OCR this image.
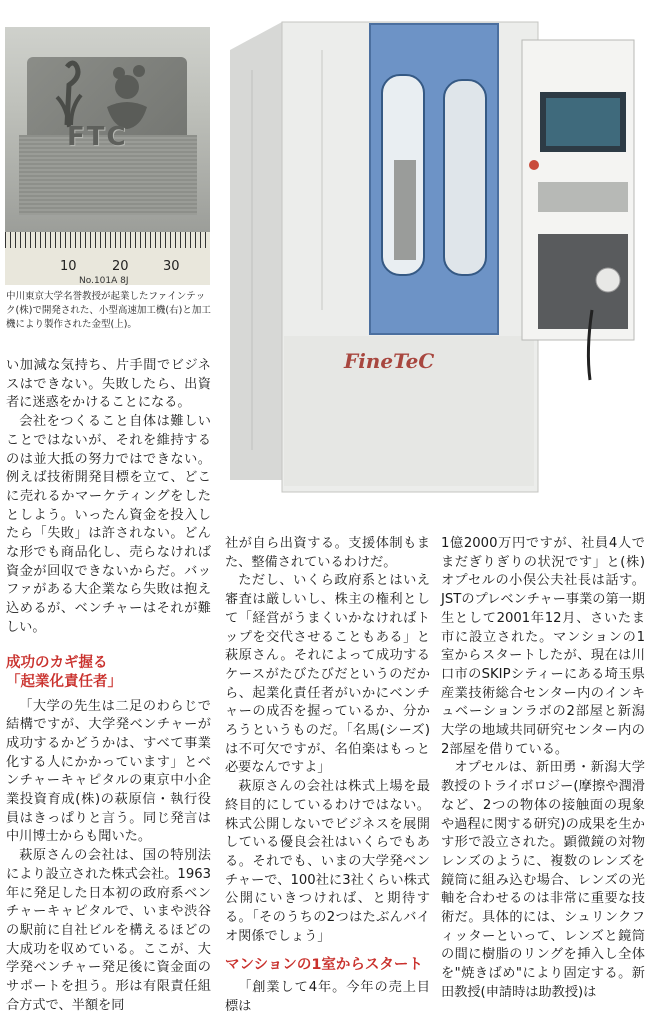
FTC
10	20	30
No.101A 8J
中川東京大学名誉教授が起業したファインテック(株)で開発された、小型高速加工機(右)と加工機により製作された金型(上)。
FineTeC

い加減な気持ち、片手間でビジネスはできない。失敗したら、出資者に迷惑をかけることになる。

会社をつくること自体は難しいことではないが、それを維持するのは並大抵の努力ではできない。例えば技術開発目標を立て、どこに売れるかマーケティングをしたとしよう。いったん資金を投入したら「失敗」は許されない。どんな形でも商品化し、売らなければ資金が回収できないからだ。バッファがある大企業なら失敗は抱え込めるが、ベンチャーはそれが難しい。

成功のカギ握る
「起業化責任者」

「大学の先生は二足のわらじで結構ですが、大学発ベンチャーが成功するかどうかは、すべて事業化する人にかかっています」とベンチャーキャピタルの東京中小企業投資育成(株)の萩原信・執行役員はきっぱりと言う。同じ発言は中川博士からも聞いた。

萩原さんの会社は、国の特別法により設立された株式会社。1963年に発足した日本初の政府系ベンチャーキャピタルで、いまや渋谷の駅前に自社ビルを構えるほどの大成功を収めている。ここが、大学発ベンチャー発足後に資金面のサポートを担う。形は有限責任組合方式で、半額を同

社が自ら出資する。支援体制もまた、整備されているわけだ。

ただし、いくら政府系とはいえ審査は厳しいし、株主の権利として「経営がうまくいかなければトップを交代させることもある」と萩原さん。それによって成功するケースがたびたびだというのだから、起業化責任者がいかにベンチャーの成否を握っているか、分かろうというものだ。「名馬(シーズ)は不可欠ですが、名伯楽はもっと必要なんですよ」

萩原さんの会社は株式上場を最終目的にしているわけではない。株式公開しないでビジネスを展開している優良会社はいくらでもある。それでも、いまの大学発ベンチャーで、100社に3社くらい株式公開にいきつければ、と期待する。「そのうちの2つはたぶんバイオ関係でしょう」

マンションの1室からスタート

「創業して4年。今年の売上目標は

1億2000万円ですが、社員4人でまだぎりぎりの状況です」と(株)オプセルの小俣公夫社長は話す。JSTのプレベンチャー事業の第一期生として2001年12月、さいたま市に設立された。マンションの1室からスタートしたが、現在は川口市のSKIPシティーにある埼玉県産業技術総合センター内のインキュベーションラボの2部屋と新潟大学の地域共同研究センター内の2部屋を借りている。

オプセルは、新田勇・新潟大学教授のトライボロジー(摩擦や潤滑など、2つの物体の接触面の現象や過程に関する研究)の成果を生かす形で設立された。顕微鏡の対物レンズのように、複数のレンズを鏡筒に組み込む場合、レンズの光軸を合わせるのは非常に重要な技術だ。具体的には、シュリンクフィッターといって、レンズと鏡筒の間に樹脂のリングを挿入し全体を"焼きばめ"により固定する。新田教授(申請時は助教授)は
